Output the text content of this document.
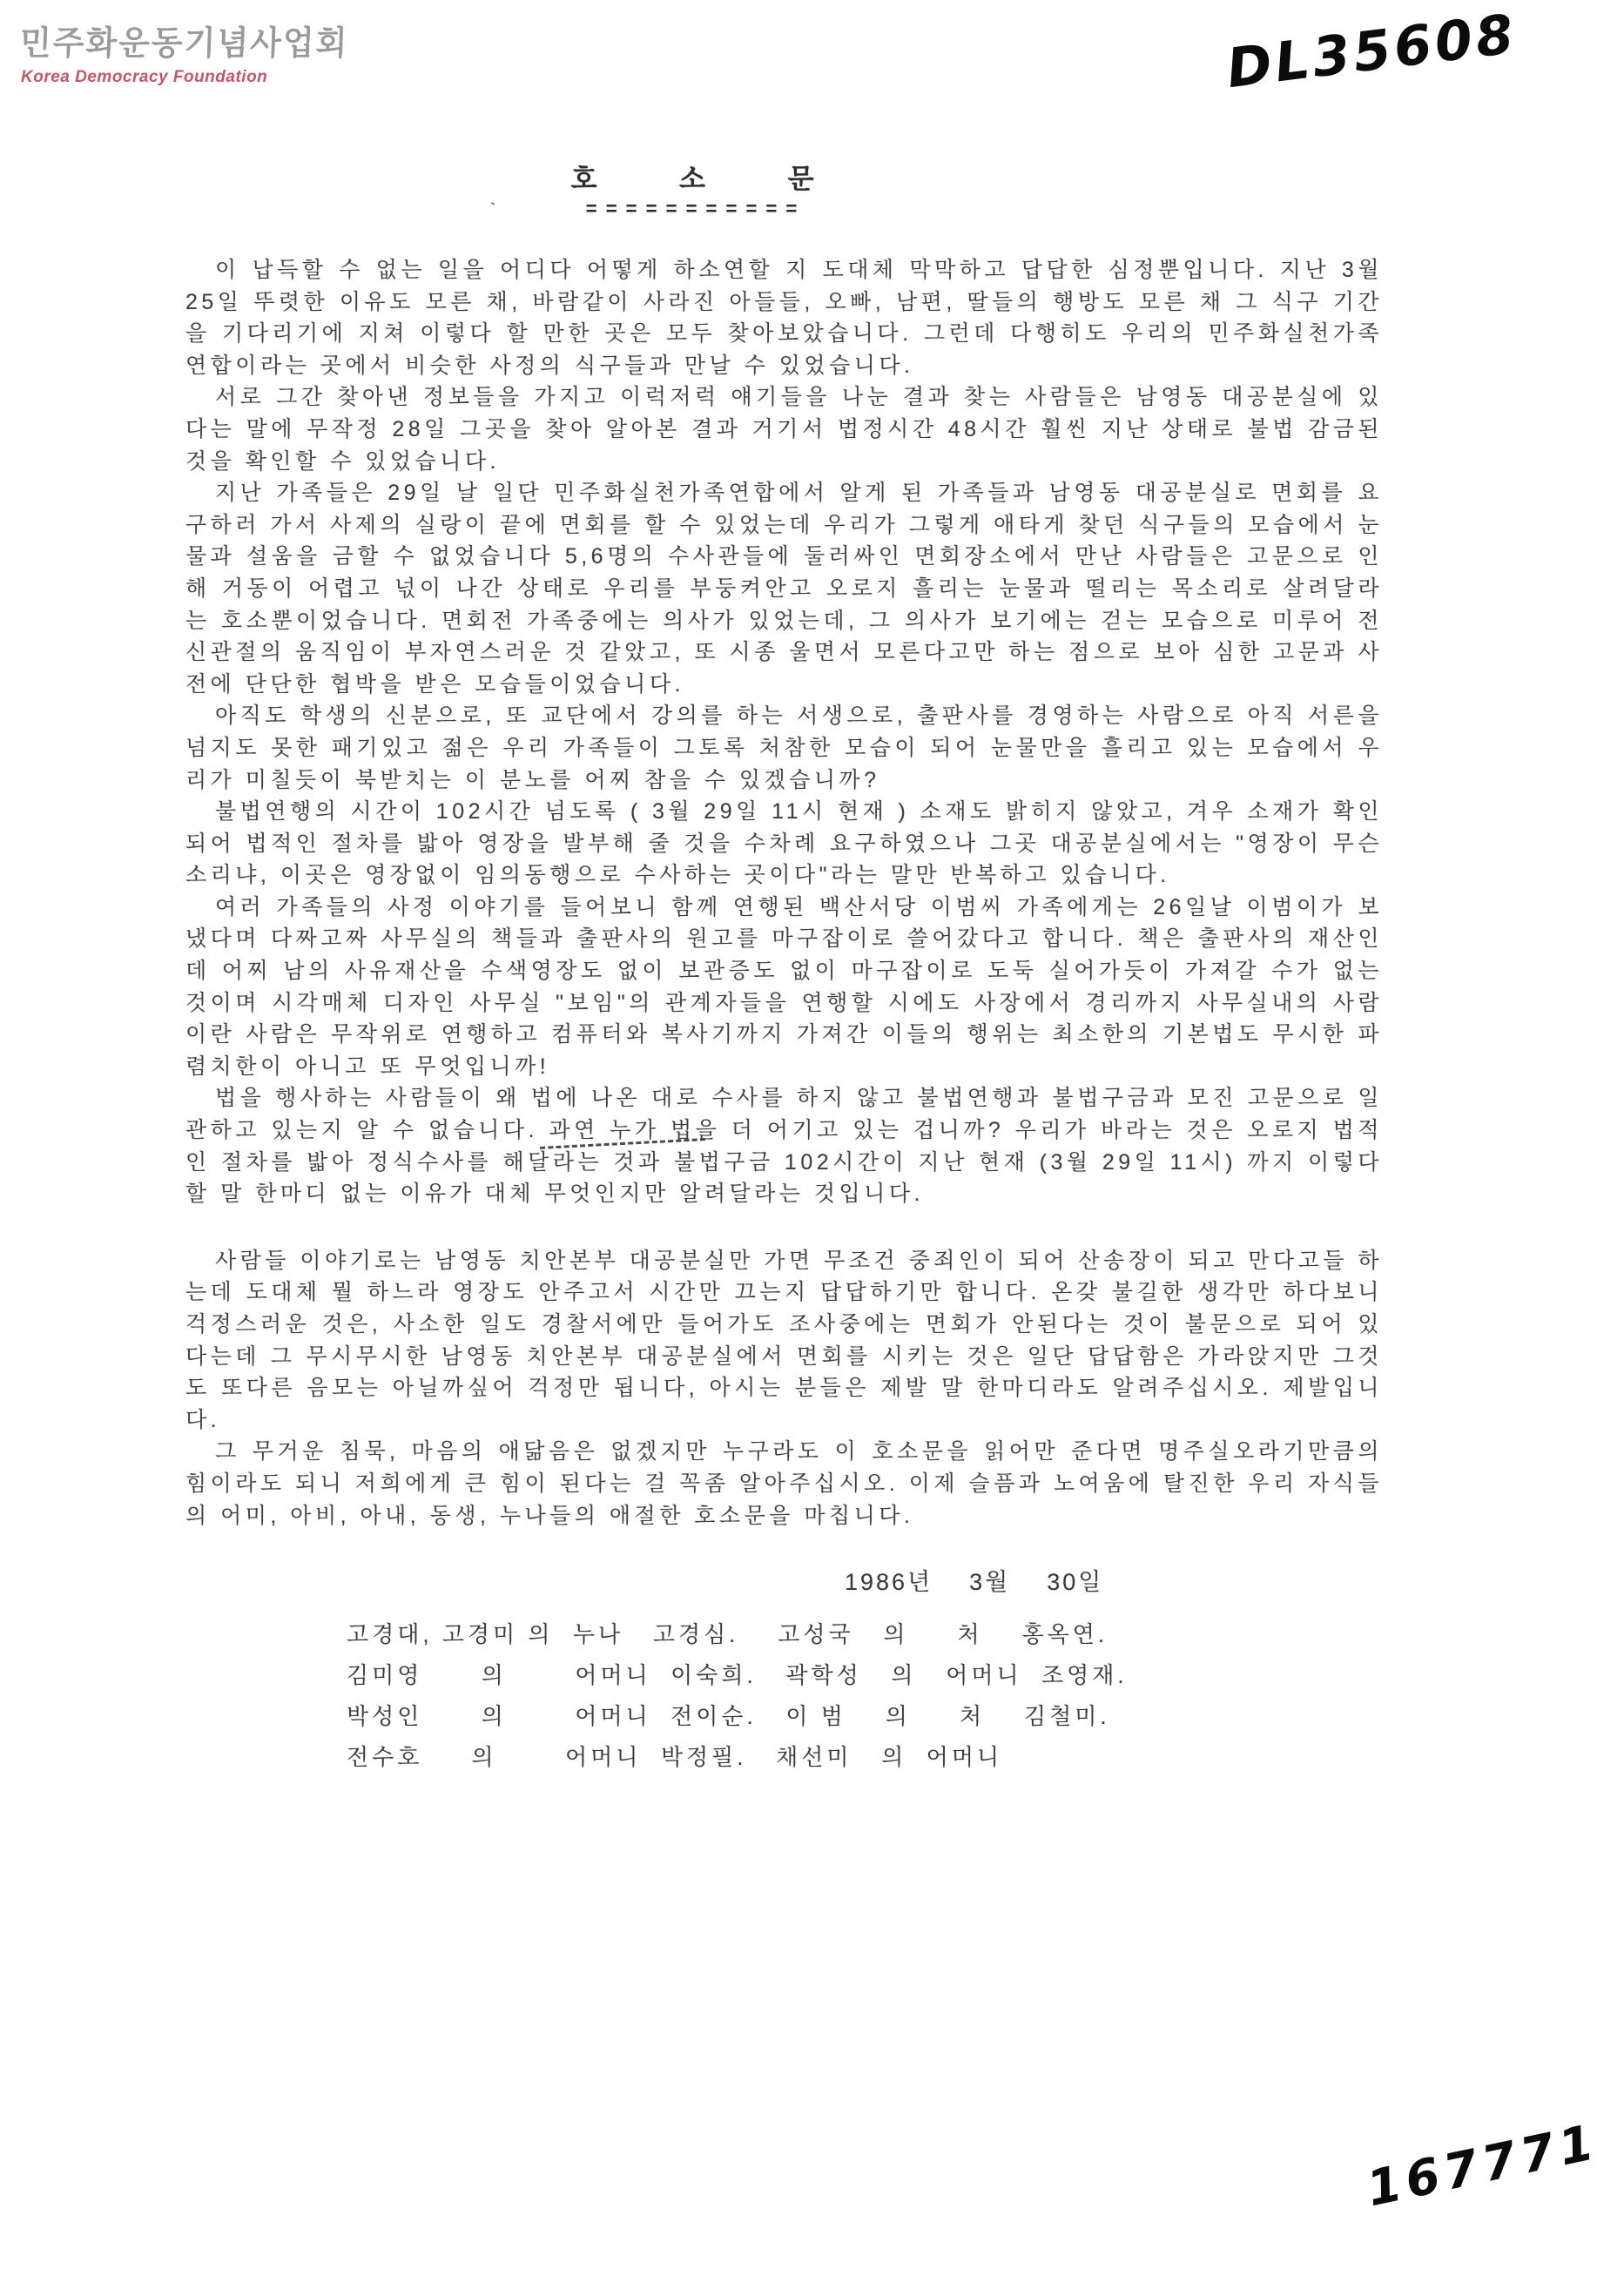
민주화운동기념사업회
Korea Democracy Foundation	DL35608
호 소 문
= = = = = = = = = = =
、

이 납득할 수 없는 일을 어디다 어떻게 하소연할 지 도대체 막막하고 답답한 심정뿐입니다. 지난 3월 25일 뚜렷한 이유도 모른 채, 바람같이 사라진 아들들, 오빠, 남편, 딸들의 행방도 모른 채 그 식구 기간을 기다리기에 지쳐 이렇다 할 만한 곳은 모두 찾아보았습니다. 그런데 다행히도 우리의 민주화실천가족연합이라는 곳에서 비슷한 사정의 식구들과 만날 수 있었습니다.

서로 그간 찾아낸 정보들을 가지고 이럭저럭 얘기들을 나눈 결과 찾는 사람들은 남영동 대공분실에 있다는 말에 무작정 28일 그곳을 찾아 알아본 결과 거기서 법정시간 48시간 훨씬 지난 상태로 불법 감금된 것을 확인할 수 있었습니다.

지난 가족들은 29일 날 일단 민주화실천가족연합에서 알게 된 가족들과 남영동 대공분실로 면회를 요구하러 가서 사제의 실랑이 끝에 면회를 할 수 있었는데 우리가 그렇게 애타게 찾던 식구들의 모습에서 눈물과 설움을 금할 수 없었습니다 5,6명의 수사관들에 둘러싸인 면회장소에서 만난 사람들은 고문으로 인해 거동이 어렵고 넋이 나간 상태로 우리를 부둥켜안고 오로지 흘리는 눈물과 떨리는 목소리로 살려달라는 호소뿐이었습니다. 면회전 가족중에는 의사가 있었는데, 그 의사가 보기에는 걷는 모습으로 미루어 전신관절의 움직임이 부자연스러운 것 같았고, 또 시종 울면서 모른다고만 하는 점으로 보아 심한 고문과 사전에 단단한 협박을 받은 모습들이었습니다.

아직도 학생의 신분으로, 또 교단에서 강의를 하는 서생으로, 출판사를 경영하는 사람으로 아직 서른을 넘지도 못한 패기있고 젊은 우리 가족들이 그토록 처참한 모습이 되어 눈물만을 흘리고 있는 모습에서 우리가 미칠듯이 북받치는 이 분노를 어찌 참을 수 있겠습니까?

불법연행의 시간이 102시간 넘도록 ( 3월 29일 11시 현재 ) 소재도 밝히지 않았고, 겨우 소재가 확인되어 법적인 절차를 밟아 영장을 발부해 줄 것을 수차례 요구하였으나 그곳 대공분실에서는 "영장이 무슨 소리냐, 이곳은 영장없이 임의동행으로 수사하는 곳이다"라는 말만 반복하고 있습니다.

여러 가족들의 사정 이야기를 들어보니 함께 연행된 백산서당 이범씨 가족에게는 26일날 이범이가 보냈다며 다짜고짜 사무실의 책들과 출판사의 원고를 마구잡이로 쓸어갔다고 합니다. 책은 출판사의 재산인데 어찌 남의 사유재산을 수색영장도 없이 보관증도 없이 마구잡이로 도둑 실어가듯이 가져갈 수가 없는 것이며 시각매체 디자인 사무실 "보임"의 관계자들을 연행할 시에도 사장에서 경리까지 사무실내의 사람이란 사람은 무작위로 연행하고 컴퓨터와 복사기까지 가져간 이들의 행위는 최소한의 기본법도 무시한 파렴치한이 아니고 또 무엇입니까!

법을 행사하는 사람들이 왜 법에 나온 대로 수사를 하지 않고 불법연행과 불법구금과 모진 고문으로 일관하고 있는지 알 수 없습니다. 과연 누가 법을 더 어기고 있는 겁니까? 우리가 바라는 것은 오로지 법적인 절차를 밟아 정식수사를 해달라는 것과 불법구금 102시간이 지난 현재 (3월 29일 11시) 까지 이렇다할 말 한마디 없는 이유가 대체 무엇인지만 알려달라는 것입니다.

사람들 이야기로는 남영동 치안본부 대공분실만 가면 무조건 중죄인이 되어 산송장이 되고 만다고들 하는데 도대체 뭘 하느라 영장도 안주고서 시간만 끄는지 답답하기만 합니다. 온갖 불길한 생각만 하다보니 걱정스러운 것은, 사소한 일도 경찰서에만 들어가도 조사중에는 면회가 안된다는 것이 불문으로 되어 있다는데 그 무시무시한 남영동 치안본부 대공분실에서 면회를 시키는 것은 일단 답답함은 가라앉지만 그것도 또다른 음모는 아닐까싶어 걱정만 됩니다, 아시는 분들은 제발 말 한마디라도 알려주십시오. 제발입니다.

그 무거운 침묵, 마음의 애닮음은 없겠지만 누구라도 이 호소문을 읽어만 준다면 명주실오라기만큼의 힘이라도 되니 저희에게 큰 힘이 된다는 걸 꼭좀 알아주십시오. 이제 슬픔과 노여움에 탈진한 우리 자식들의 어미, 아비, 아내, 동생, 누나들의 애절한 호소문을 마칩니다.

1986년    3월    30일
고경대, 고경미 의  누나   고경심.    고성국   의     처    홍옥연.
김미영      의       어머니  이숙희.   곽학성   의   어머니  조영재.
박성인      의       어머니  전이순.   이 범    의     처    김철미.
전수호     의       어머니  박정필.   채선미   의  어머니
167771
